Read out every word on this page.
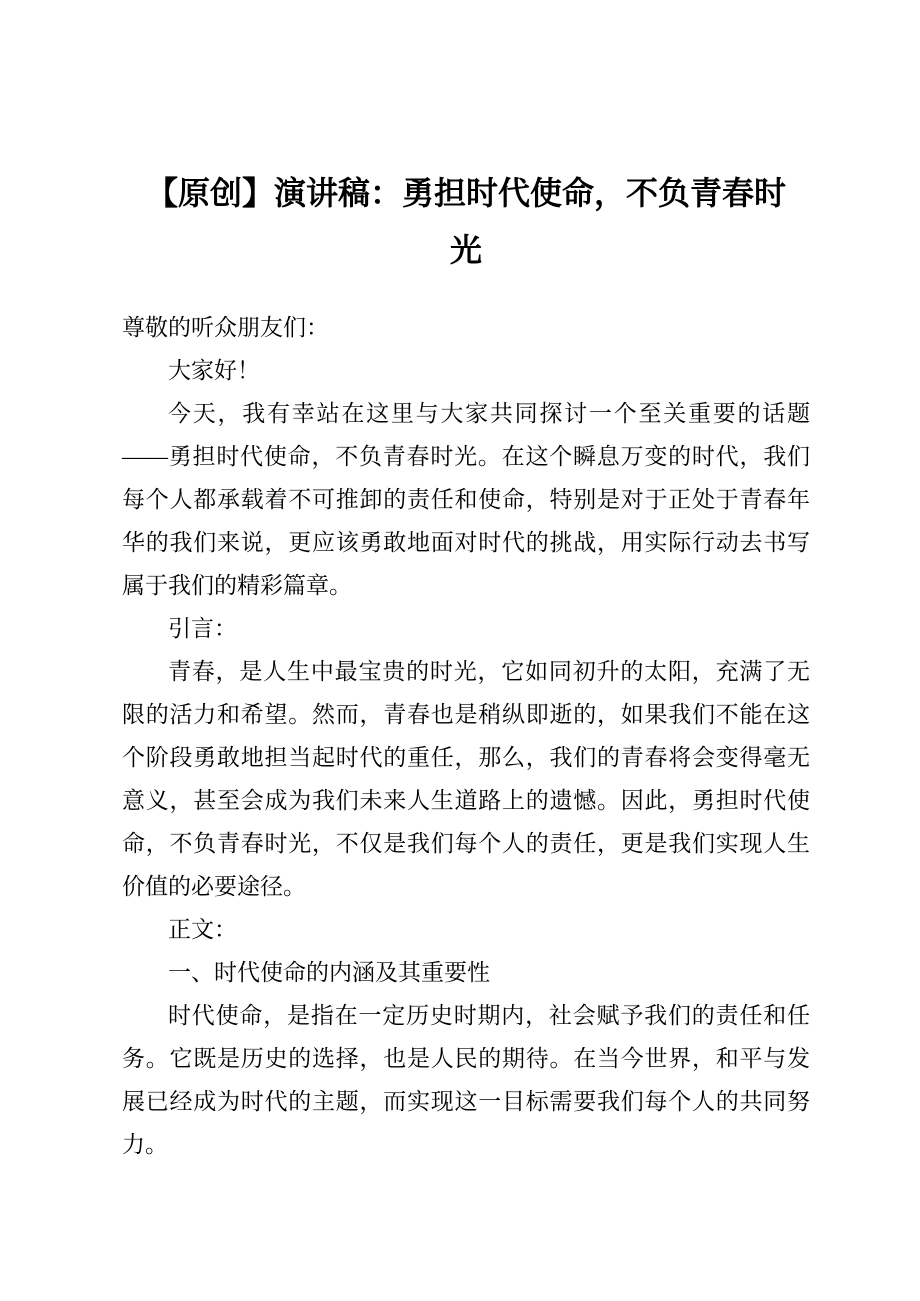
【原创】演讲稿：勇担时代使命，不负青春时光

尊敬的听众朋友们：

大家好！

今天，我有幸站在这里与大家共同探讨一个至关重要的话题——勇担时代使命，不负青春时光。在这个瞬息万变的时代，我们每个人都承载着不可推卸的责任和使命，特别是对于正处于青春年华的我们来说，更应该勇敢地面对时代的挑战，用实际行动去书写属于我们的精彩篇章。

引言：

青春，是人生中最宝贵的时光，它如同初升的太阳，充满了无限的活力和希望。然而，青春也是稍纵即逝的，如果我们不能在这个阶段勇敢地担当起时代的重任，那么，我们的青春将会变得毫无意义，甚至会成为我们未来人生道路上的遗憾。因此，勇担时代使命，不负青春时光，不仅是我们每个人的责任，更是我们实现人生价值的必要途径。

正文：

一、时代使命的内涵及其重要性

时代使命，是指在一定历史时期内，社会赋予我们的责任和任务。它既是历史的选择，也是人民的期待。在当今世界，和平与发展已经成为时代的主题，而实现这一目标需要我们每个人的共同努力。
